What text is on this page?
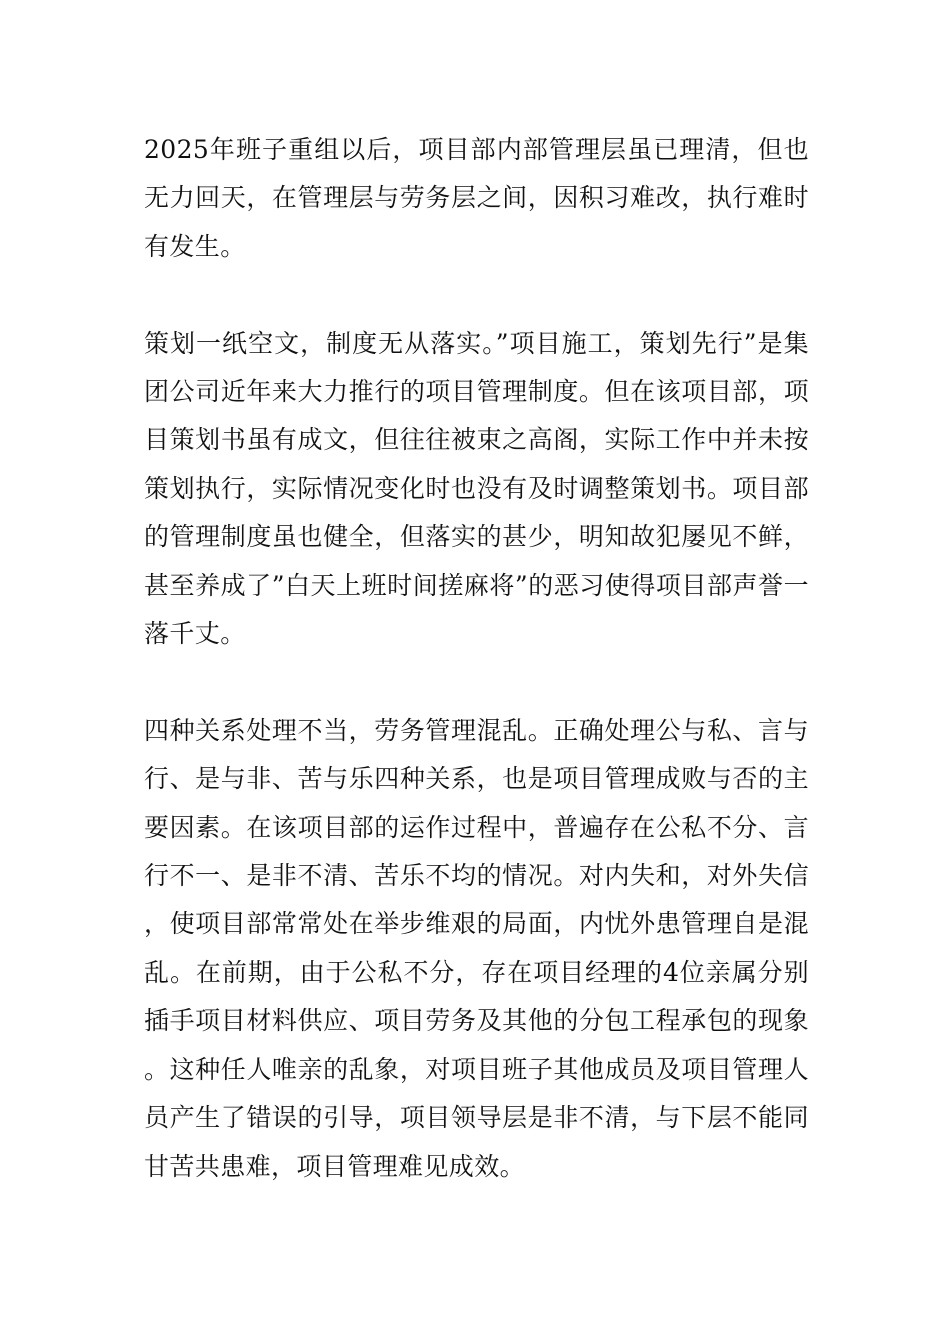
2025年班子重组以后，项目部内部管理层虽已理清，但也无力回天，在管理层与劳务层之间，因积习难改，执行难时有发生。

策划一纸空文，制度无从落实。”项目施工，策划先行”是集团公司近年来大力推行的项目管理制度。但在该项目部，项目策划书虽有成文，但往往被束之高阁，实际工作中并未按策划执行，实际情况变化时也没有及时调整策划书。项目部的管理制度虽也健全，但落实的甚少，明知故犯屡见不鲜，甚至养成了”白天上班时间搓麻将”的恶习使得项目部声誉一落千丈。

四种关系处理不当，劳务管理混乱。正确处理公与私、言与行、是与非、苦与乐四种关系，也是项目管理成败与否的主要因素。在该项目部的运作过程中，普遍存在公私不分、言行不一、是非不清、苦乐不均的情况。对内失和，对外失信，使项目部常常处在举步维艰的局面，内忧外患管理自是混乱。在前期，由于公私不分，存在项目经理的4位亲属分别插手项目材料供应、项目劳务及其他的分包工程承包的现象。这种任人唯亲的乱象，对项目班子其他成员及项目管理人员产生了错误的引导，项目领导层是非不清，与下层不能同甘苦共患难，项目管理难见成效。
